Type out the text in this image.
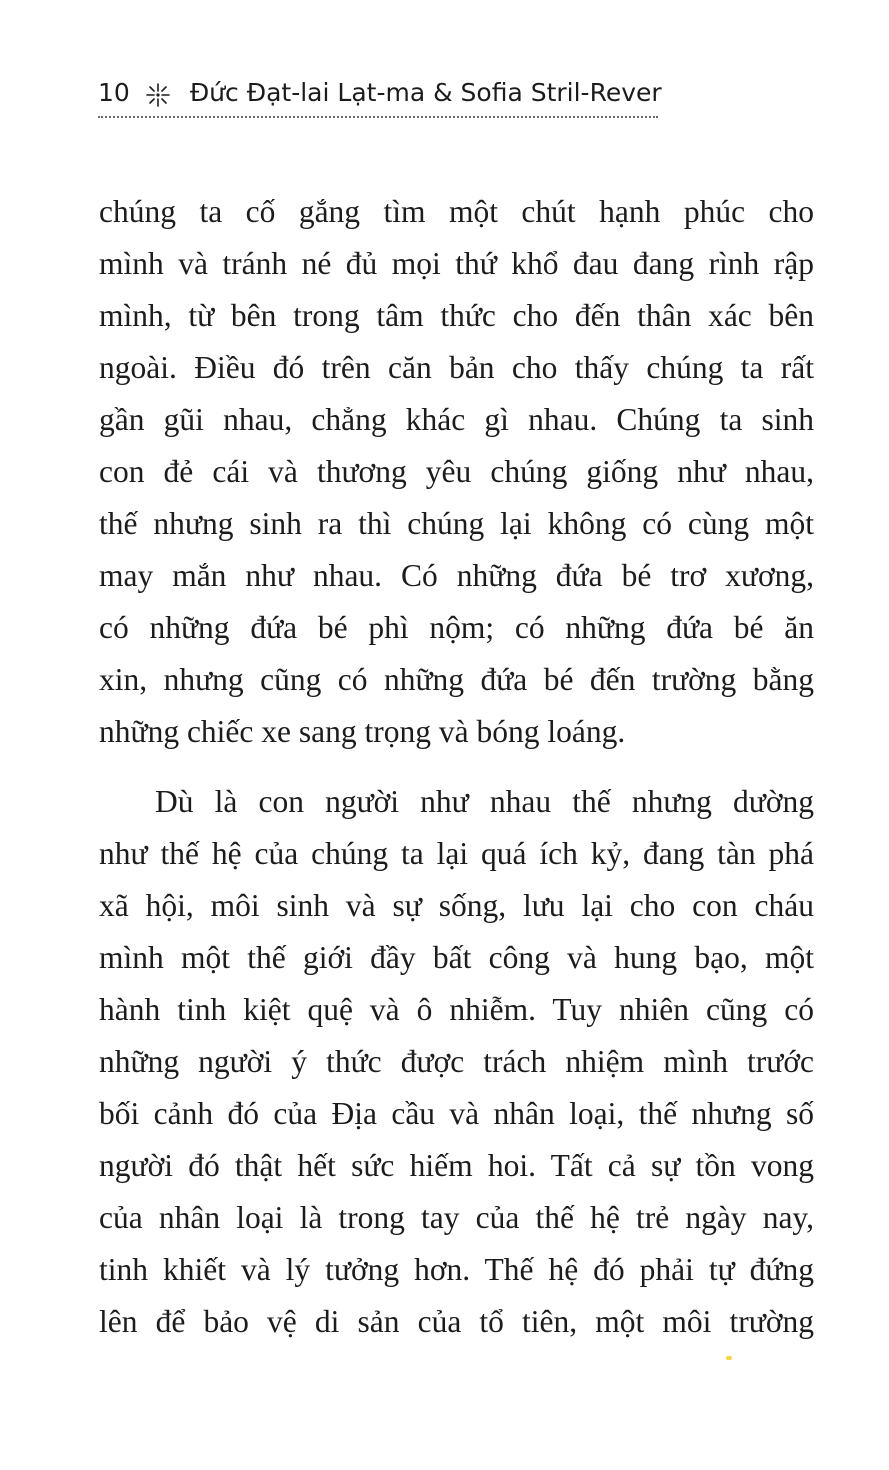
10 Đức Đạt-lai Lạt-ma & Sofia Stril-Rever

chúng ta cố gắng tìm một chút hạnh phúc cho
mình và tránh né đủ mọi thứ khổ đau đang rình rập
mình, từ bên trong tâm thức cho đến thân xác bên
ngoài. Điều đó trên căn bản cho thấy chúng ta rất
gần gũi nhau, chẳng khác gì nhau. Chúng ta sinh
con đẻ cái và thương yêu chúng giống như nhau,
thế nhưng sinh ra thì chúng lại không có cùng một
may mắn như nhau. Có những đứa bé trơ xương,
có những đứa bé phì nộm; có những đứa bé ăn
xin, nhưng cũng có những đứa bé đến trường bằng
những chiếc xe sang trọng và bóng loáng.

Dù là con người như nhau thế nhưng dường
như thế hệ của chúng ta lại quá ích kỷ, đang tàn phá
xã hội, môi sinh và sự sống, lưu lại cho con cháu
mình một thế giới đầy bất công và hung bạo, một
hành tinh kiệt quệ và ô nhiễm. Tuy nhiên cũng có
những người ý thức được trách nhiệm mình trước
bối cảnh đó của Địa cầu và nhân loại, thế nhưng số
người đó thật hết sức hiếm hoi. Tất cả sự tồn vong
của nhân loại là trong tay của thế hệ trẻ ngày nay,
tinh khiết và lý tưởng hơn. Thế hệ đó phải tự đứng
lên để bảo vệ di sản của tổ tiên, một môi trường
